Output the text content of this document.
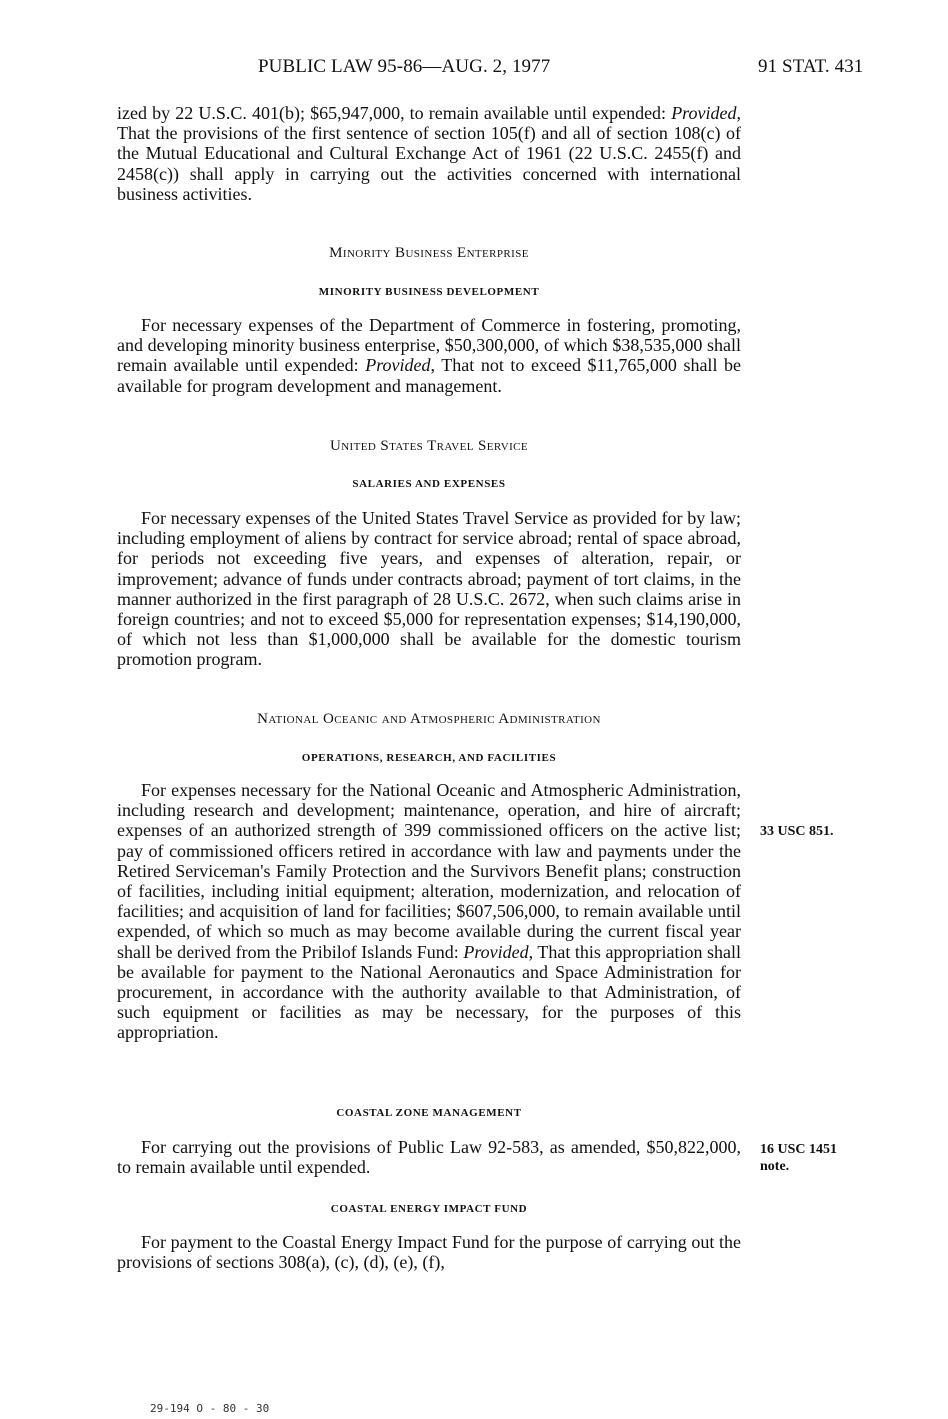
PUBLIC LAW 95-86—AUG. 2, 1977	91 STAT. 431

ized by 22 U.S.C. 401(b); $65,947,000, to remain available until expended: Provided, That the provisions of the first sentence of section 105(f) and all of section 108(c) of the Mutual Educational and Cultural Exchange Act of 1961 (22 U.S.C. 2455(f) and 2458(c)) shall apply in carrying out the activities concerned with international business activities.

Minority Business Enterprise
MINORITY BUSINESS DEVELOPMENT

For necessary expenses of the Department of Commerce in fostering, promoting, and developing minority business enterprise, $50,300,000, of which $38,535,000 shall remain available until expended: Provided, That not to exceed $11,765,000 shall be available for program development and management.

United States Travel Service
SALARIES AND EXPENSES

For necessary expenses of the United States Travel Service as provided for by law; including employment of aliens by contract for service abroad; rental of space abroad, for periods not exceeding five years, and expenses of alteration, repair, or improvement; advance of funds under contracts abroad; payment of tort claims, in the manner authorized in the first paragraph of 28 U.S.C. 2672, when such claims arise in foreign countries; and not to exceed $5,000 for representation expenses; $14,190,000, of which not less than $1,000,000 shall be available for the domestic tourism promotion program.

National Oceanic and Atmospheric Administration
OPERATIONS, RESEARCH, AND FACILITIES

For expenses necessary for the National Oceanic and Atmospheric Administration, including research and development; maintenance, operation, and hire of aircraft; expenses of an authorized strength of 399 commissioned officers on the active list; pay of commissioned officers retired in accordance with law and payments under the Retired Serviceman's Family Protection and the Survivors Benefit plans; construction of facilities, including initial equipment; alteration, modernization, and relocation of facilities; and acquisition of land for facilities; $607,506,000, to remain available until expended, of which so much as may become available during the current fiscal year shall be derived from the Pribilof Islands Fund: Provided, That this appropriation shall be available for payment to the National Aeronautics and Space Administration for procurement, in accordance with the authority available to that Administration, of such equipment or facilities as may be necessary, for the purposes of this appropriation.

33 USC 851.
COASTAL ZONE MANAGEMENT

For carrying out the provisions of Public Law 92-583, as amended, $50,822,000, to remain available until expended.

16 USC 1451
note.
COASTAL ENERGY IMPACT FUND

For payment to the Coastal Energy Impact Fund for the purpose of carrying out the provisions of sections 308(a), (c), (d), (e), (f),

29-194 O - 80 - 30
